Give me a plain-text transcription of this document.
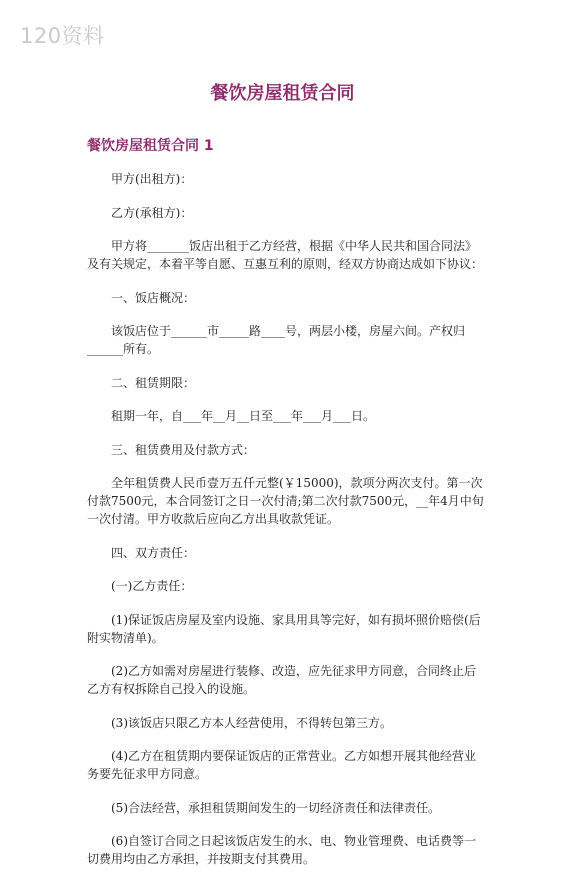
120资料
餐饮房屋租赁合同
餐饮房屋租赁合同 1

甲方(出租方)：

乙方(承租方)：

甲方将_______饭店出租于乙方经营，根据《中华人民共和国合同法》及有关规定，本着平等自愿、互惠互利的原则，经双方协商达成如下协议：

一、饭店概况：

该饭店位于______市_____路____号，两层小楼，房屋六间。产权归______所有。

二、租赁期限：

租期一年，自___年__月__日至___年___月___日。

三、租赁费用及付款方式：

全年租赁费人民币壹万五仟元整(￥15000)，款项分两次支付。第一次付款7500元，本合同签订之日一次付清;第二次付款7500元，__年4月中旬一次付清。甲方收款后应向乙方出具收款凭证。

四、双方责任：

(一)乙方责任：

(1)保证饭店房屋及室内设施、家具用具等完好，如有损坏照价赔偿(后附实物清单)。

(2)乙方如需对房屋进行装修、改造，应先征求甲方同意，合同终止后乙方有权拆除自己投入的设施。

(3)该饭店只限乙方本人经营使用，不得转包第三方。

(4)乙方在租赁期内要保证饭店的正常营业。乙方如想开展其他经营业务要先征求甲方同意。

(5)合法经营，承担租赁期间发生的一切经济责任和法律责任。

(6)自签订合同之日起该饭店发生的水、电、物业管理费、电话费等一切费用均由乙方承担，并按期支付其费用。
